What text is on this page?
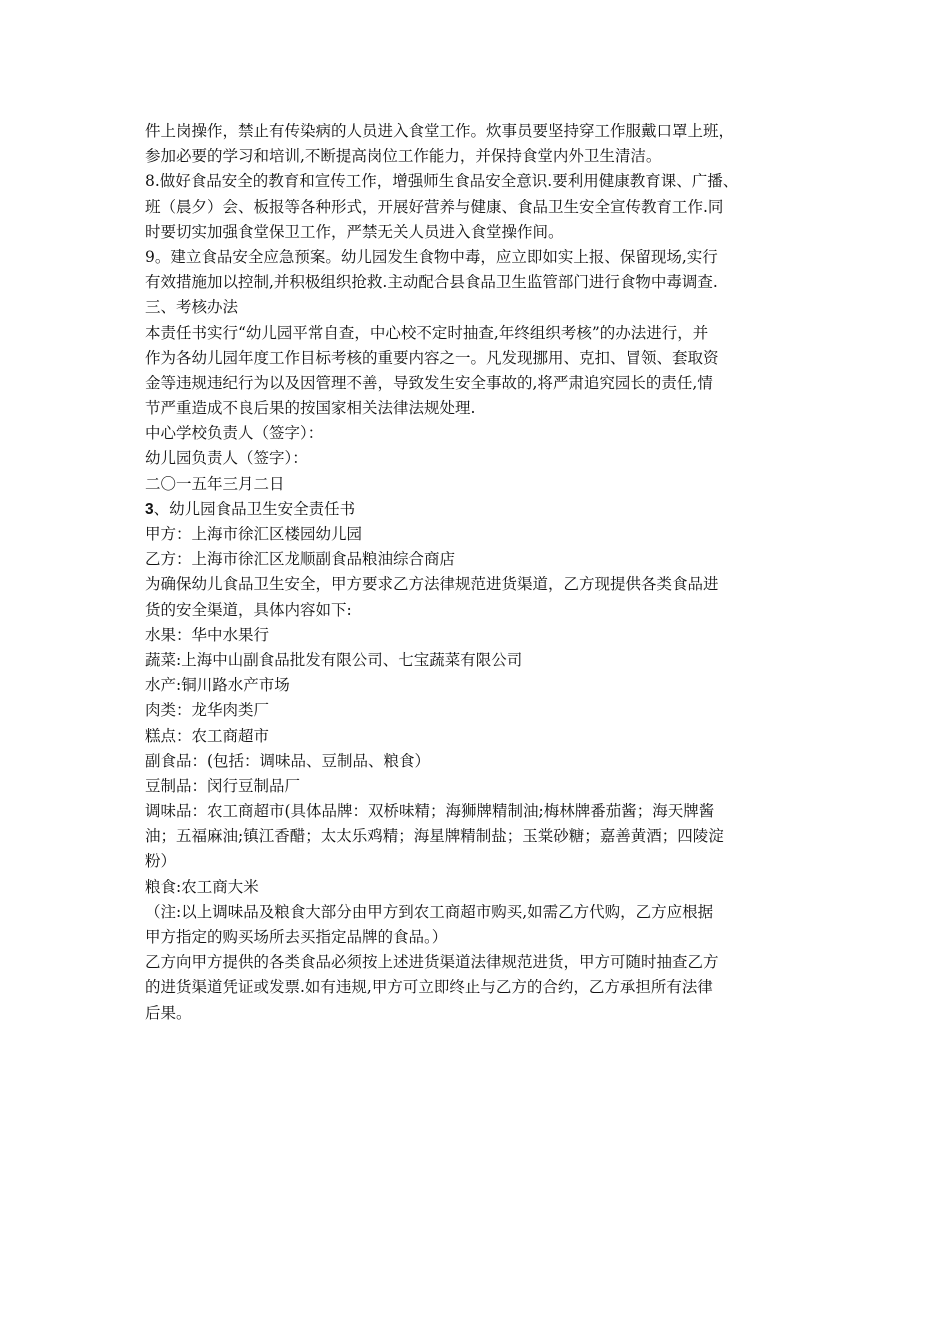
件上岗操作，禁止有传染病的人员进入食堂工作。炊事员要坚持穿工作服戴口罩上班，
参加必要的学习和培训,不断提高岗位工作能力，并保持食堂内外卫生清洁。
8.做好食品安全的教育和宣传工作，增强师生食品安全意识.要利用健康教育课、广播、
班（晨夕）会、板报等各种形式，开展好营养与健康、食品卫生安全宣传教育工作.同
时要切实加强食堂保卫工作，严禁无关人员进入食堂操作间。
9。建立食品安全应急预案。幼儿园发生食物中毒，应立即如实上报、保留现场,实行
有效措施加以控制,并积极组织抢救.主动配合县食品卫生监管部门进行食物中毒调查.
三、考核办法
本责任书实行“幼儿园平常自查，中心校不定时抽查,年终组织考核”的办法进行，并
作为各幼儿园年度工作目标考核的重要内容之一。凡发现挪用、克扣、冒领、套取资
金等违规违纪行为以及因管理不善，导致发生安全事故的,将严肃追究园长的责任,情
节严重造成不良后果的按国家相关法律法规处理.
中心学校负责人（签字）：
幼儿园负责人（签字）：
二〇一五年三月二日
3、幼儿园食品卫生安全责任书
甲方：上海市徐汇区楼园幼儿园
乙方：上海市徐汇区龙顺副食品粮油综合商店
为确保幼儿食品卫生安全，甲方要求乙方法律规范进货渠道，乙方现提供各类食品进
货的安全渠道，具体内容如下:
水果：华中水果行
蔬菜:上海中山副食品批发有限公司、七宝蔬菜有限公司
水产:铜川路水产市场
肉类：龙华肉类厂
糕点：农工商超市
副食品：(包括：调味品、豆制品、粮食）
豆制品：闵行豆制品厂
调味品：农工商超市(具体品牌：双桥味精；海狮牌精制油;梅林牌番茄酱；海天牌酱
油；五福麻油;镇江香醋；太太乐鸡精；海星牌精制盐；玉棠砂糖；嘉善黄酒；四陵淀
粉）
粮食:农工商大米
（注:以上调味品及粮食大部分由甲方到农工商超市购买,如需乙方代购，乙方应根据
甲方指定的购买场所去买指定品牌的食品。）
乙方向甲方提供的各类食品必须按上述进货渠道法律规范进货，甲方可随时抽查乙方
的进货渠道凭证或发票.如有违规,甲方可立即终止与乙方的合约，乙方承担所有法律
后果。
